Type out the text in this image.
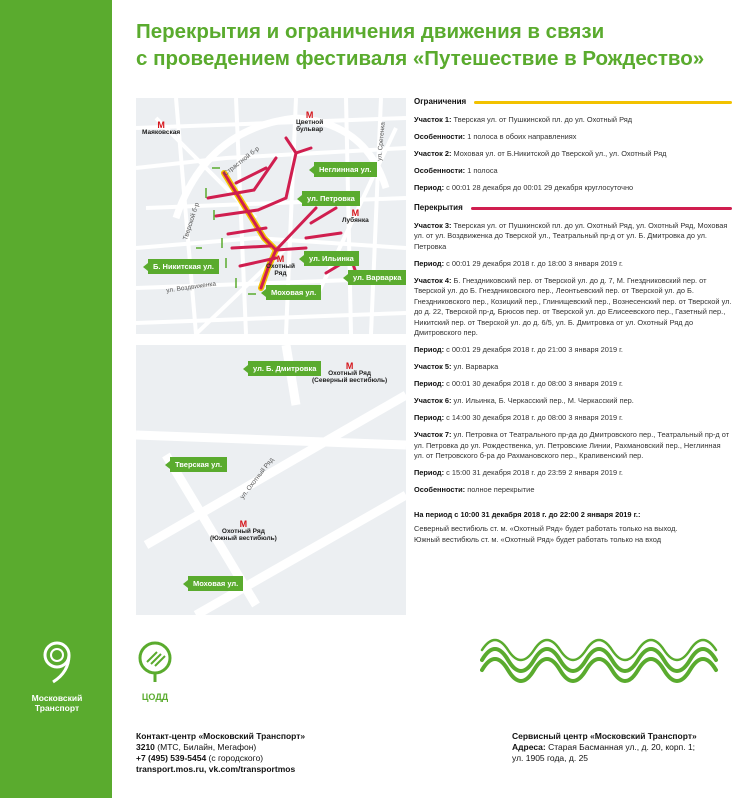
Перекрытия и ограничения движения в связи
с проведением фестиваля «Путешествие в Рождество»
М
Маяковская
М
Цветной
бульвар
М
Лубянка
М
Охотный
Ряд
Страстной б-р
Тверской б-р
ул. Воздвиженка
ул. Сретенка
Неглинная ул.
ул. Петровка
Б. Никитская ул.
ул. Ильинка
ул. Варварка
Моховая ул.
ул. Б. Дмитровка	М
Охотный Ряд
(Северный вестибюль)
Тверская ул.	ул. Охотный Ряд
М
Охотный Ряд
(Южный вестибюль)
Моховая ул.
Ограничения

Участок 1: Тверская ул. от Пушкинской пл. до ул. Охотный Ряд

Особенности: 1 полоса в обоих направлениях

Участок 2: Моховая ул. от Б.Никитской до Тверской ул., ул. Охотный Ряд

Особенности: 1 полоса

Период: с 00:01 28 декабря до 00:01 29 декабря круглосуточно

Перекрытия

Участок 3: Тверская ул. от Пушкинской пл. до ул. Охотный Ряд, ул. Охотный Ряд, Моховая ул. от ул. Воздвиженка до Тверской ул., Театральный пр-д от ул. Б. Дмитровка до ул. Петровка

Период: с 00:01 29 декабря 2018 г. до 18:00 3 января 2019 г.

Участок 4: Б. Гнездниковский пер. от Тверской ул. до д. 7, М. Гнездниковский пер. от Тверской ул. до Б. Гнездниковского пер., Леонтьевский пер. от Тверской ул. до Б. Гнездниковского пер., Козицкий пер., Глинищевский пер., Вознесенский пер. от Тверской ул. до д. 22, Тверской пр-д, Брюсов пер. от Тверской ул. до Елисеевского пер., Газетный пер., Никитский пер. от Тверской ул. до д. 6/5, ул. Б. Дмитровка от ул. Охотный Ряд до Дмитровского пер.

Период: с 00:01 29 декабря 2018 г. до 21:00 3 января 2019 г.

Участок 5: ул. Варварка

Период: с 00:01 30 декабря 2018 г. до 08:00 3 января 2019 г.

Участок 6: ул. Ильинка, Б. Черкасский пер., М. Черкасский пер.

Период: с 14:00 30 декабря 2018 г. до 08:00 3 января 2019 г.

Участок 7: ул. Петровка от Театрального пр-да до Дмитровского пер., Театральный пр-д от ул. Петровка до ул. Рождественка, ул. Петровские Линии, Рахмановский пер., Неглинная ул. от Петровского б-ра до Рахмановского пер., Крапивенский пер.

Период: с 15:00 31 декабря 2018 г. до 23:59 2 января 2019 г.

Особенности: полное перекрытие

На период с 10:00 31 декабря 2018 г. до 22:00 2 января 2019 г.:

Северный вестибюль ст. м. «Охотный Ряд» будет работать только на выход.
Южный вестибюль ст. м. «Охотный Ряд» будет работать только на вход
Московский
Транспорт
ЦОДД
Контакт-центр «Московский Транспорт»
3210 (МТС, Билайн, Мегафон)
+7 (495) 539-5454 (с городского)
transport.mos.ru, vk.com/transportmos
Сервисный центр «Московский Транспорт»
Адреса: Старая Басманная ул., д. 20, корп. 1;
ул. 1905 года, д. 25
